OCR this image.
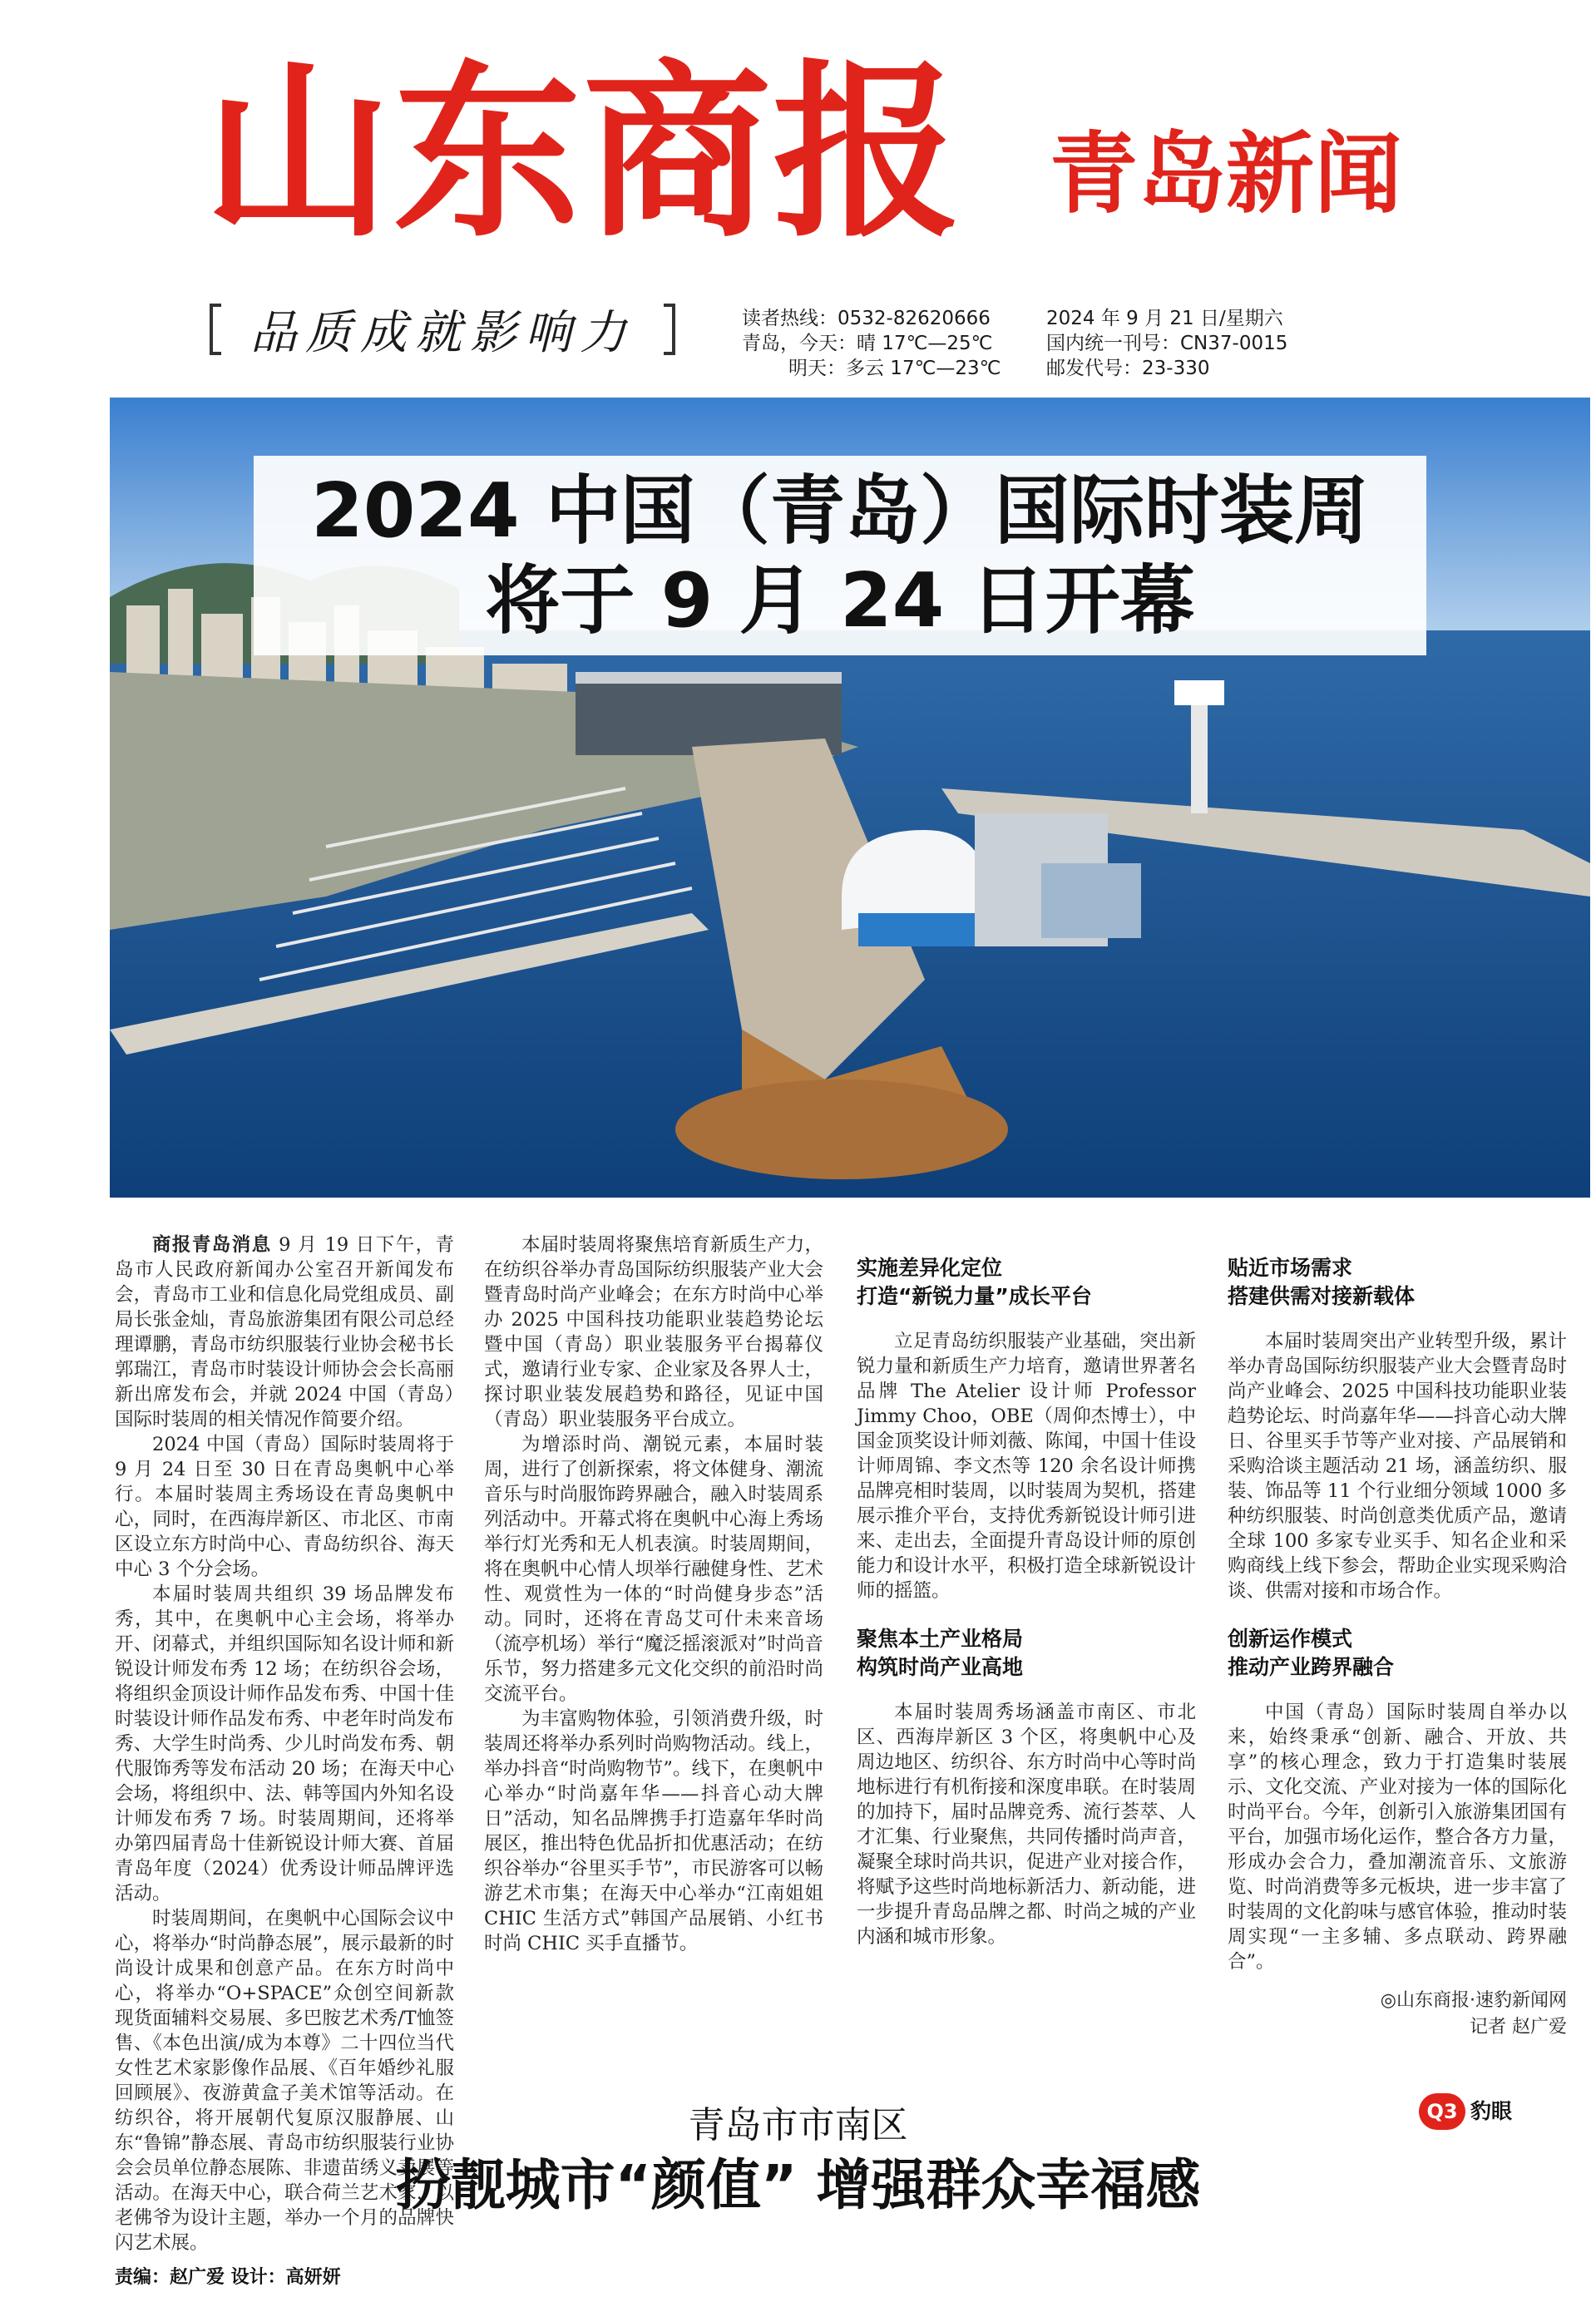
山东商报 青岛新闻
品质成就影响力	读者热线：0532-82620666
青岛，今天：晴 17℃—25℃
明天：多云 17℃—23℃
2024 年 9 月 21 日/星期六
国内统一刊号：CN37-0015
邮发代号：23-330
2024 中国（青岛）国际时装周
将于 9 月 24 日开幕

商报青岛消息 9 月 19 日下午，青岛市人民政府新闻办公室召开新闻发布会，青岛市工业和信息化局党组成员、副局长张金灿，青岛旅游集团有限公司总经理谭鹏，青岛市纺织服装行业协会秘书长郭瑞江，青岛市时装设计师协会会长高丽新出席发布会，并就 2024 中国（青岛）国际时装周的相关情况作简要介绍。

2024 中国（青岛）国际时装周将于 9 月 24 日至 30 日在青岛奥帆中心举行。本届时装周主秀场设在青岛奥帆中心，同时，在西海岸新区、市北区、市南区设立东方时尚中心、青岛纺织谷、海天中心 3 个分会场。

本届时装周共组织 39 场品牌发布秀，其中，在奥帆中心主会场，将举办开、闭幕式，并组织国际知名设计师和新锐设计师发布秀 12 场；在纺织谷会场，将组织金顶设计师作品发布秀、中国十佳时装设计师作品发布秀、中老年时尚发布秀、大学生时尚秀、少儿时尚发布秀、朝代服饰秀等发布活动 20 场；在海天中心会场，将组织中、法、韩等国内外知名设计师发布秀 7 场。时装周期间，还将举办第四届青岛十佳新锐设计师大赛、首届青岛年度（2024）优秀设计师品牌评选活动。

时装周期间，在奥帆中心国际会议中心，将举办“时尚静态展”，展示最新的时尚设计成果和创意产品。在东方时尚中心，将举办“O+SPACE”众创空间新款现货面辅料交易展、多巴胺艺术秀/T恤签售、《本色出演/成为本尊》二十四位当代女性艺术家影像作品展、《百年婚纱礼服回顾展》、夜游黄盒子美术馆等活动。在纺织谷，将开展朝代复原汉服静展、山东“鲁锦”静态展、青岛市纺织服装行业协会会员单位静态展陈、非遗苗绣义卖展等活动。在海天中心，联合荷兰艺术家，以老佛爷为设计主题，举办一个月的品牌快闪艺术展。

本届时装周将聚焦培育新质生产力，在纺织谷举办青岛国际纺织服装产业大会暨青岛时尚产业峰会；在东方时尚中心举办 2025 中国科技功能职业装趋势论坛暨中国（青岛）职业装服务平台揭幕仪式，邀请行业专家、企业家及各界人士，探讨职业装发展趋势和路径，见证中国（青岛）职业装服务平台成立。

为增添时尚、潮锐元素，本届时装周，进行了创新探索，将文体健身、潮流音乐与时尚服饰跨界融合，融入时装周系列活动中。开幕式将在奥帆中心海上秀场举行灯光秀和无人机表演。时装周期间，将在奥帆中心情人坝举行融健身性、艺术性、观赏性为一体的“时尚健身步态”活动。同时，还将在青岛艾可什未来音场（流亭机场）举行“魔泛摇滚派对”时尚音乐节，努力搭建多元文化交织的前沿时尚交流平台。

为丰富购物体验，引领消费升级，时装周还将举办系列时尚购物活动。线上，举办抖音“时尚购物节”。线下，在奥帆中心举办“时尚嘉年华——抖音心动大牌日”活动，知名品牌携手打造嘉年华时尚展区，推出特色优品折扣优惠活动；在纺织谷举办“谷里买手节”，市民游客可以畅游艺术市集；在海天中心举办“江南姐姐 CHIC 生活方式”韩国产品展销、小红书时尚 CHIC 买手直播节。

实施差异化定位
打造“新锐力量”成长平台

立足青岛纺织服装产业基础，突出新锐力量和新质生产力培育，邀请世界著名品牌 The Atelier 设计师 Professor Jimmy Choo，OBE（周仰杰博士），中国金顶奖设计师刘薇、陈闻，中国十佳设计师周锦、李文杰等 120 余名设计师携品牌亮相时装周，以时装周为契机，搭建展示推介平台，支持优秀新锐设计师引进来、走出去，全面提升青岛设计师的原创能力和设计水平，积极打造全球新锐设计师的摇篮。

聚焦本土产业格局
构筑时尚产业高地

本届时装周秀场涵盖市南区、市北区、西海岸新区 3 个区，将奥帆中心及周边地区、纺织谷、东方时尚中心等时尚地标进行有机衔接和深度串联。在时装周的加持下，届时品牌竞秀、流行荟萃、人才汇集、行业聚焦，共同传播时尚声音，凝聚全球时尚共识，促进产业对接合作，将赋予这些时尚地标新活力、新动能，进一步提升青岛品牌之都、时尚之城的产业内涵和城市形象。

贴近市场需求
搭建供需对接新载体

本届时装周突出产业转型升级，累计举办青岛国际纺织服装产业大会暨青岛时尚产业峰会、2025 中国科技功能职业装趋势论坛、时尚嘉年华——抖音心动大牌日、谷里买手节等产业对接、产品展销和采购洽谈主题活动 21 场，涵盖纺织、服装、饰品等 11 个行业细分领域 1000 多种纺织服装、时尚创意类优质产品，邀请全球 100 多家专业买手、知名企业和采购商线上线下参会，帮助企业实现采购洽谈、供需对接和市场合作。

创新运作模式
推动产业跨界融合

中国（青岛）国际时装周自举办以来，始终秉承“创新、融合、开放、共享”的核心理念，致力于打造集时装展示、文化交流、产业对接为一体的国际化时尚平台。今年，创新引入旅游集团国有平台，加强市场化运作，整合各方力量，形成办会合力，叠加潮流音乐、文旅游览、时尚消费等多元板块，进一步丰富了时装周的文化韵味与感官体验，推动时装周实现“一主多辅、多点联动、跨界融合”。

◎山东商报·速豹新闻网
记者 赵广爱
青岛市市南区
扮靓城市“颜值” 增强群众幸福感
Q3 豹眼
责编：赵广爱 设计：高妍妍
